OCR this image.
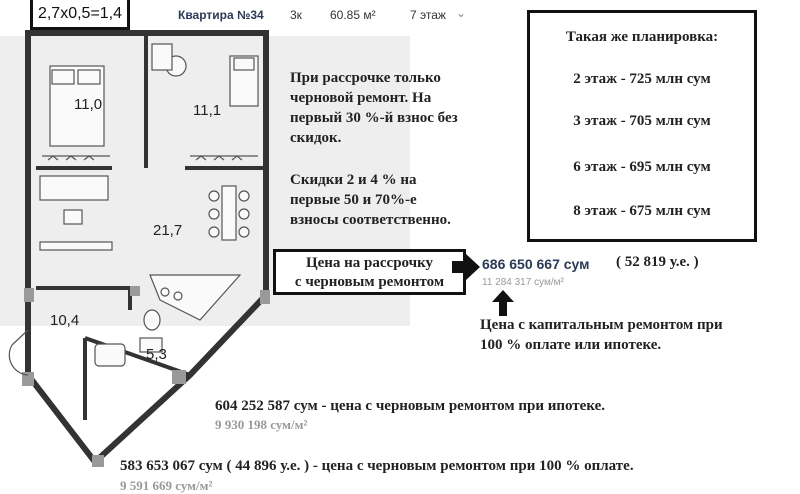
11,0	11,1
21,7
10,4
5,3
2,7x0,5=1,4	Квартира №34 3к 60.85 м²	7 этаж ⌄
Такая же планировка:
2 этаж - 725 млн сум
3 этаж - 705 млн сум
6 этаж - 695 млн сум
8 этаж - 675 млн сум
При рассрочке только
черновой ремонт. На
первый 30 %-й взнос без
скидок.
Скидки 2 и 4 % на
первые 50 и 70%-е
взносы соответственно.
Цена на рассрочку
с черновым ремонтом
686 650 667 сум ( 52 819 у.е. )
11 284 317 сум/м²
Цена с капитальным ремонтом при
100 % оплате или ипотеке.
604 252 587 сум - цена с черновым ремонтом при ипотеке.
9 930 198 сум/м²
583 653 067 сум ( 44 896 у.е. ) - цена с черновым ремонтом при 100 % оплате.
9 591 669 сум/м²
